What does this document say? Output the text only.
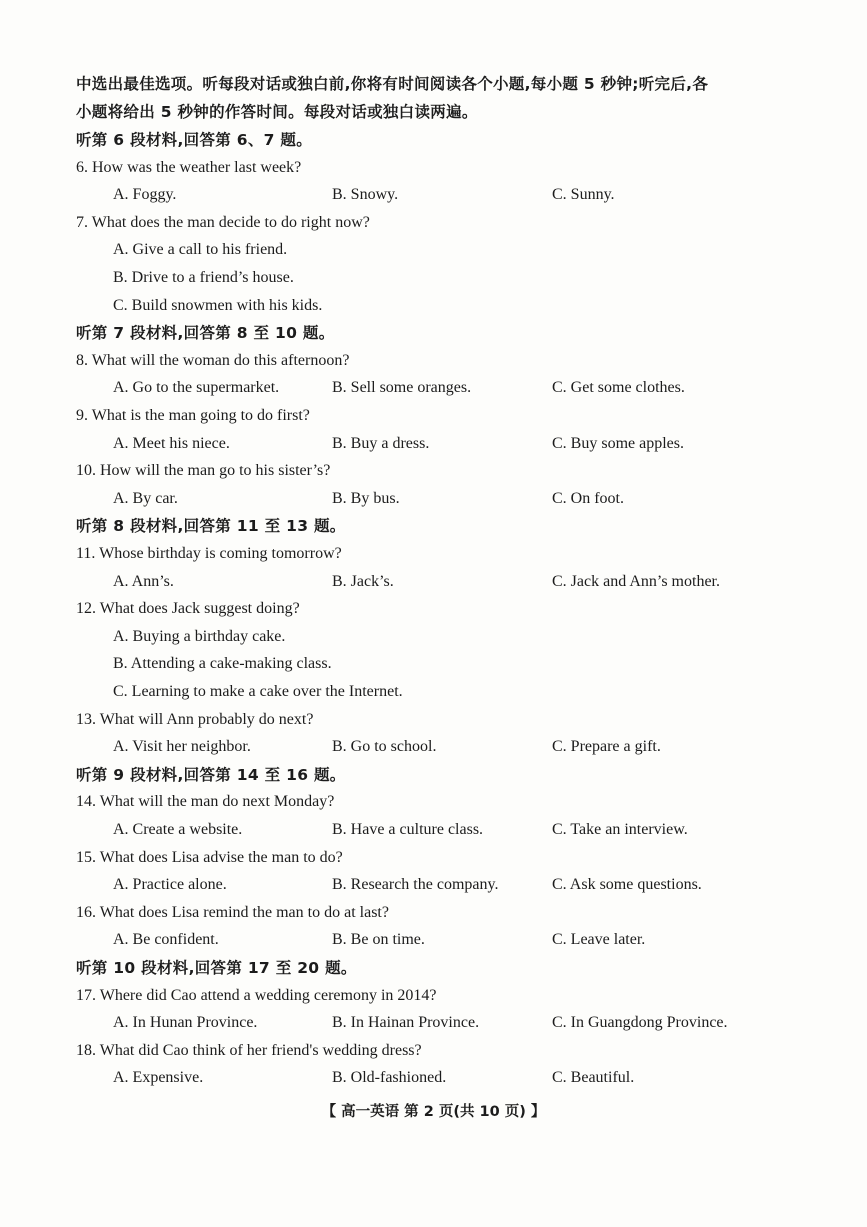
中选出最佳选项。听每段对话或独白前,你将有时间阅读各个小题,每小题 5 秒钟;听完后,各
小题将给出 5 秒钟的作答时间。每段对话或独白读两遍。
听第 6 段材料,回答第 6、7 题。
6. How was the weather last week?
A. Foggy.	B. Snowy.	C. Sunny.
7. What does the man decide to do right now?
A. Give a call to his friend.
B. Drive to a friend’s house.
C. Build snowmen with his kids.
听第 7 段材料,回答第 8 至 10 题。
8. What will the woman do this afternoon?
A. Go to the supermarket.	B. Sell some oranges.	C. Get some clothes.
9. What is the man going to do first?
A. Meet his niece.	B. Buy a dress.	C. Buy some apples.
10. How will the man go to his sister’s?
A. By car.	B. By bus.	C. On foot.
听第 8 段材料,回答第 11 至 13 题。
11. Whose birthday is coming tomorrow?
A. Ann’s.	B. Jack’s.	C. Jack and Ann’s mother.
12. What does Jack suggest doing?
A. Buying a birthday cake.
B. Attending a cake-making class.
C. Learning to make a cake over the Internet.
13. What will Ann probably do next?
A. Visit her neighbor.	B. Go to school.	C. Prepare a gift.
听第 9 段材料,回答第 14 至 16 题。
14. What will the man do next Monday?
A. Create a website.	B. Have a culture class.	C. Take an interview.
15. What does Lisa advise the man to do?
A. Practice alone.	B. Research the company.	C. Ask some questions.
16. What does Lisa remind the man to do at last?
A. Be confident.	B. Be on time.	C. Leave later.
听第 10 段材料,回答第 17 至 20 题。
17. Where did Cao attend a wedding ceremony in 2014?
A. In Hunan Province.	B. In Hainan Province.	C. In Guangdong Province.
18. What did Cao think of her friend's wedding dress?
A. Expensive.	B. Old-fashioned.	C. Beautiful.
【 高一英语 第 2 页(共 10 页) 】
